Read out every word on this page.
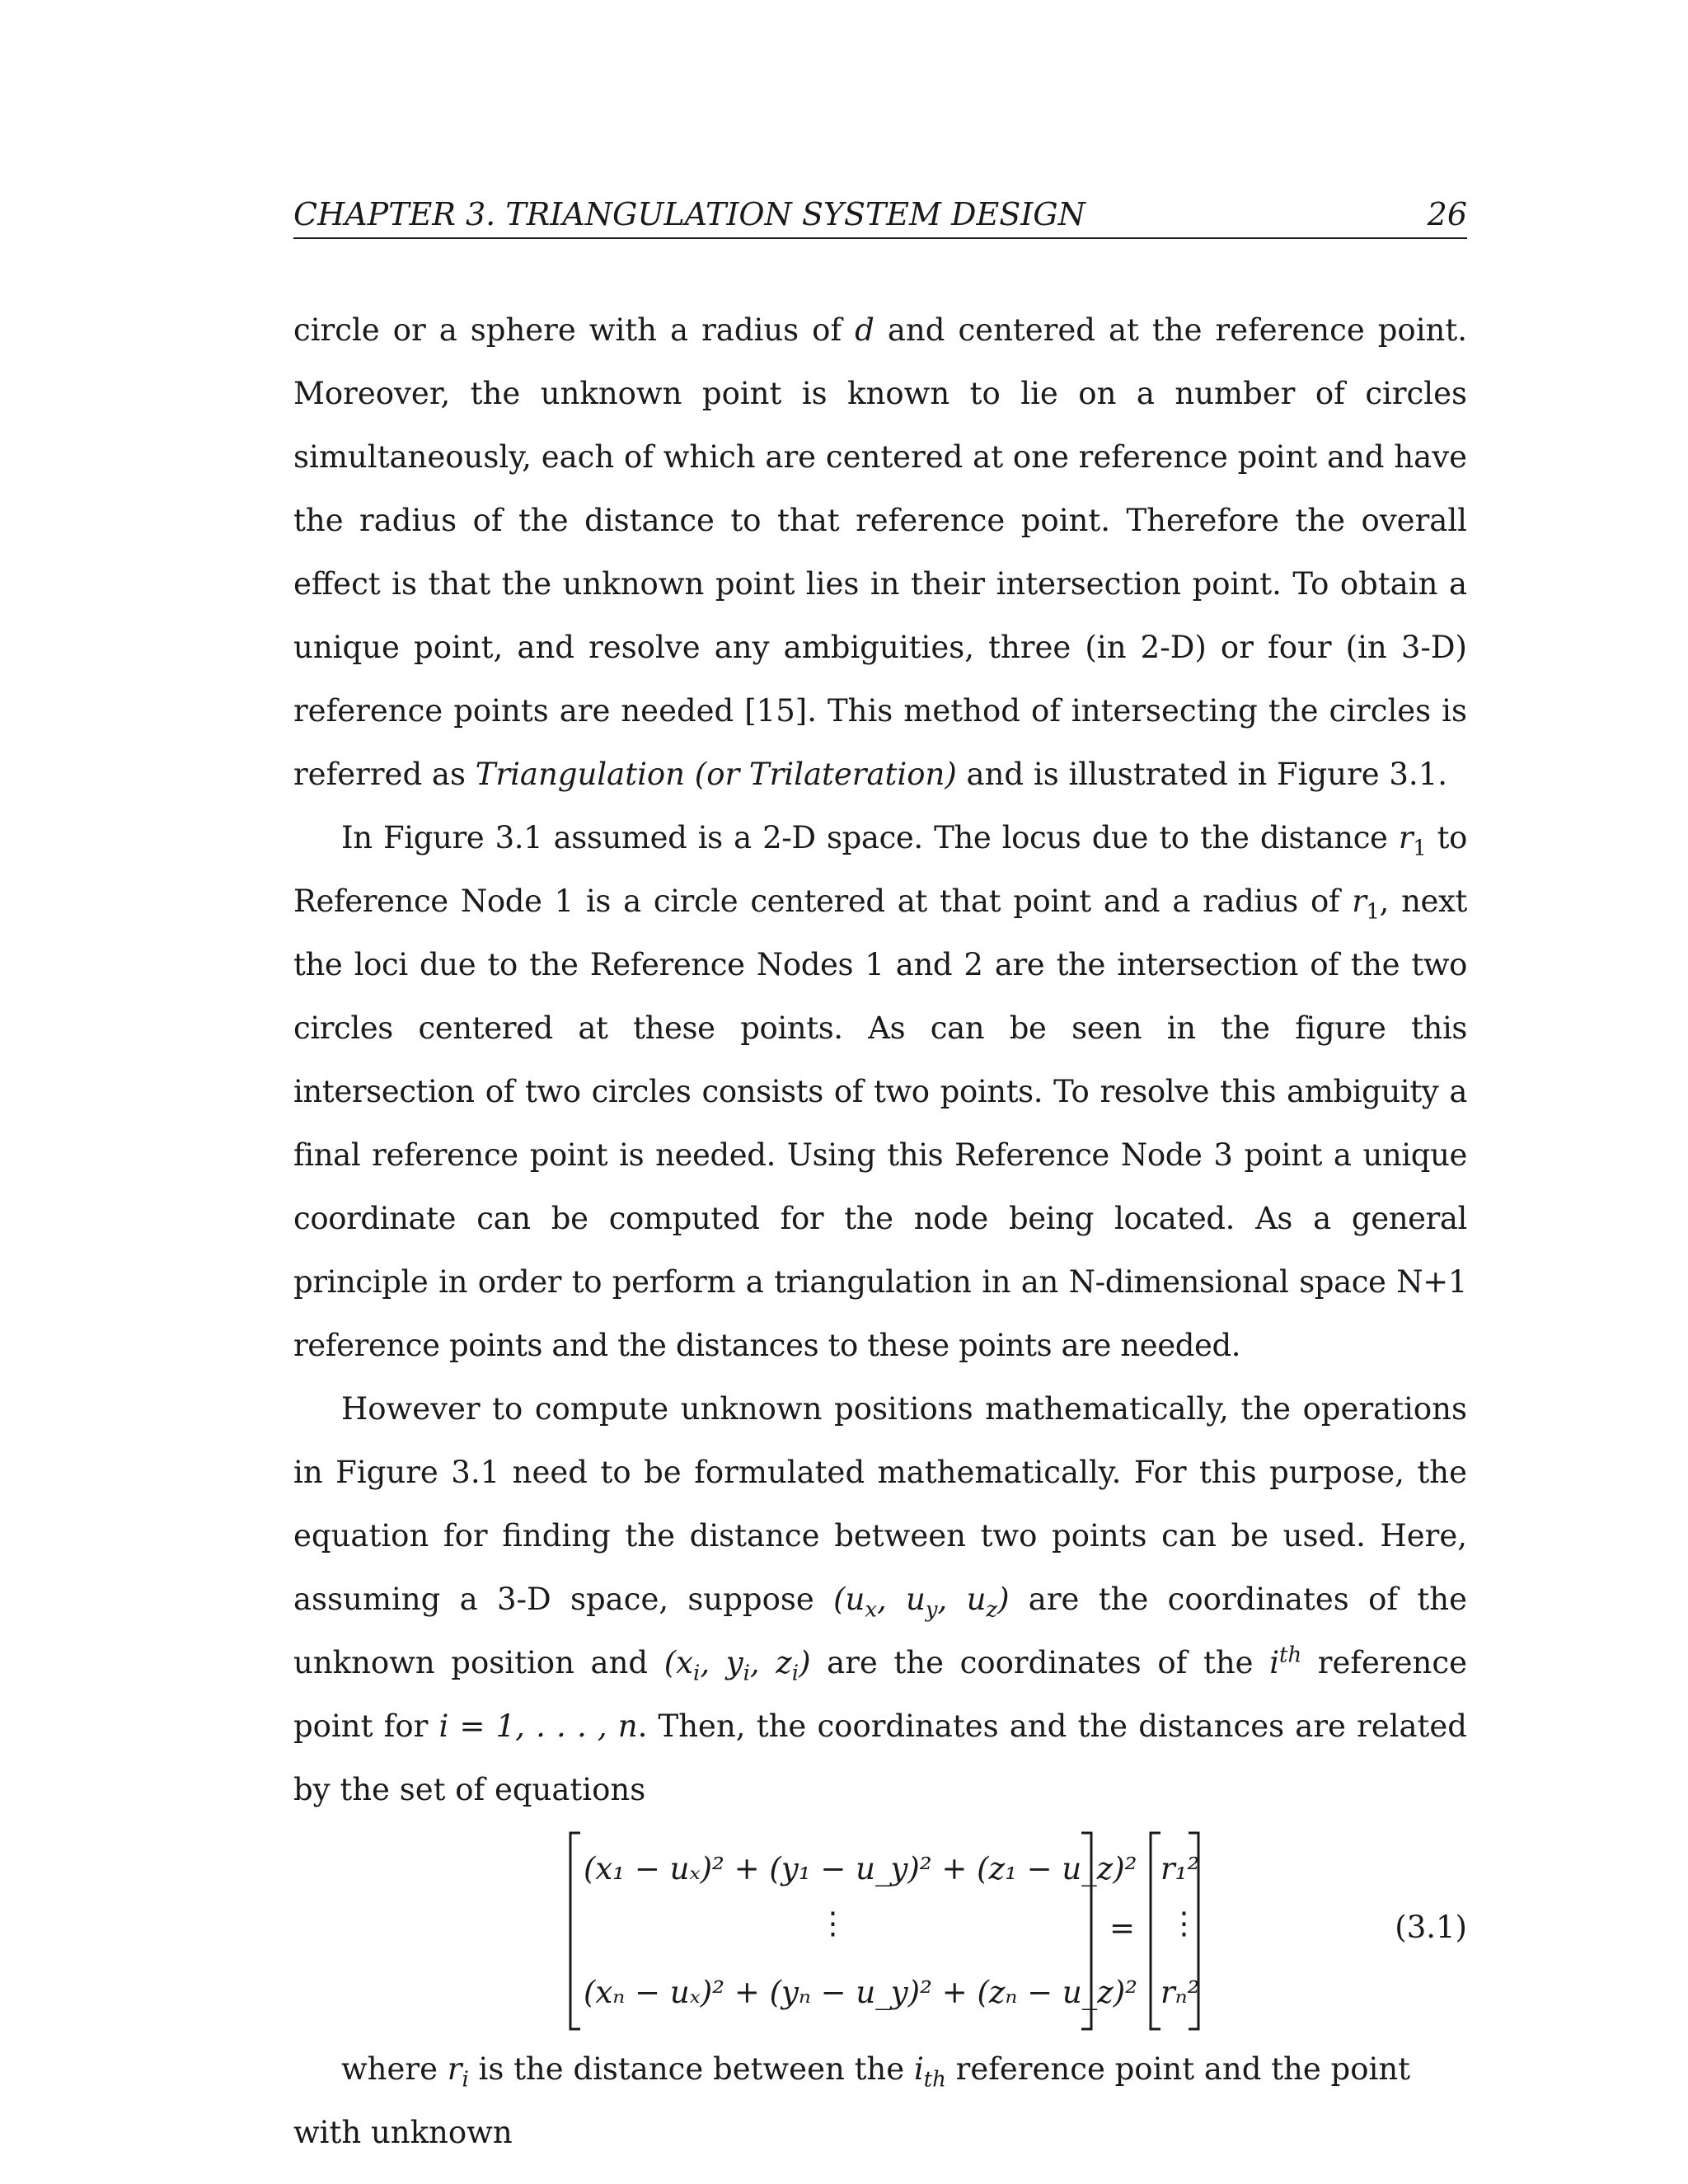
CHAPTER 3. TRIANGULATION SYSTEM DESIGN	26

circle or a sphere with a radius of d and centered at the reference point. Moreover, the unknown point is known to lie on a number of circles simultaneously, each of which are centered at one reference point and have the radius of the distance to that reference point. Therefore the overall effect is that the unknown point lies in their intersection point. To obtain a unique point, and resolve any ambiguities, three (in 2-D) or four (in 3-D) reference points are needed [15]. This method of intersecting the circles is referred as Triangulation (or Trilateration) and is illustrated in Figure 3.1.

In Figure 3.1 assumed is a 2-D space. The locus due to the distance $r_1$ to Reference Node 1 is a circle centered at that point and a radius of $r_1$, next the loci due to the Reference Nodes 1 and 2 are the intersection of the two circles centered at these points. As can be seen in the figure this intersection of two circles consists of two points. To resolve this ambiguity a final reference point is needed. Using this Reference Node 3 point a unique coordinate can be computed for the node being located. As a general principle in order to perform a triangulation in an N-dimensional space N+1 reference points and the distances to these points are needed.

However to compute unknown positions mathematically, the operations in Figure 3.1 need to be formulated mathematically. For this purpose, the equation for finding the distance between two points can be used. Here, assuming a 3-D space, suppose ($u_x$, $u_y$, $u_z$) are the coordinates of the unknown position and ($x_i$, $y_i$, $z_i$) are the coordinates of the $i^{th}$ reference point for i = 1, . . . , n. Then, the coordinates and the distances are related by the set of equations

(x₁ − uₓ)² + (y₁ − u_y)² + (z₁ − u_z)²
⋮
(xₙ − uₓ)² + (yₙ − u_y)² + (zₙ − u_z)²
=
r₁²
⋮
rₙ²
(3.1)

where $r_i$ is the distance between the $i_{th}$ reference point and the point with unknown
